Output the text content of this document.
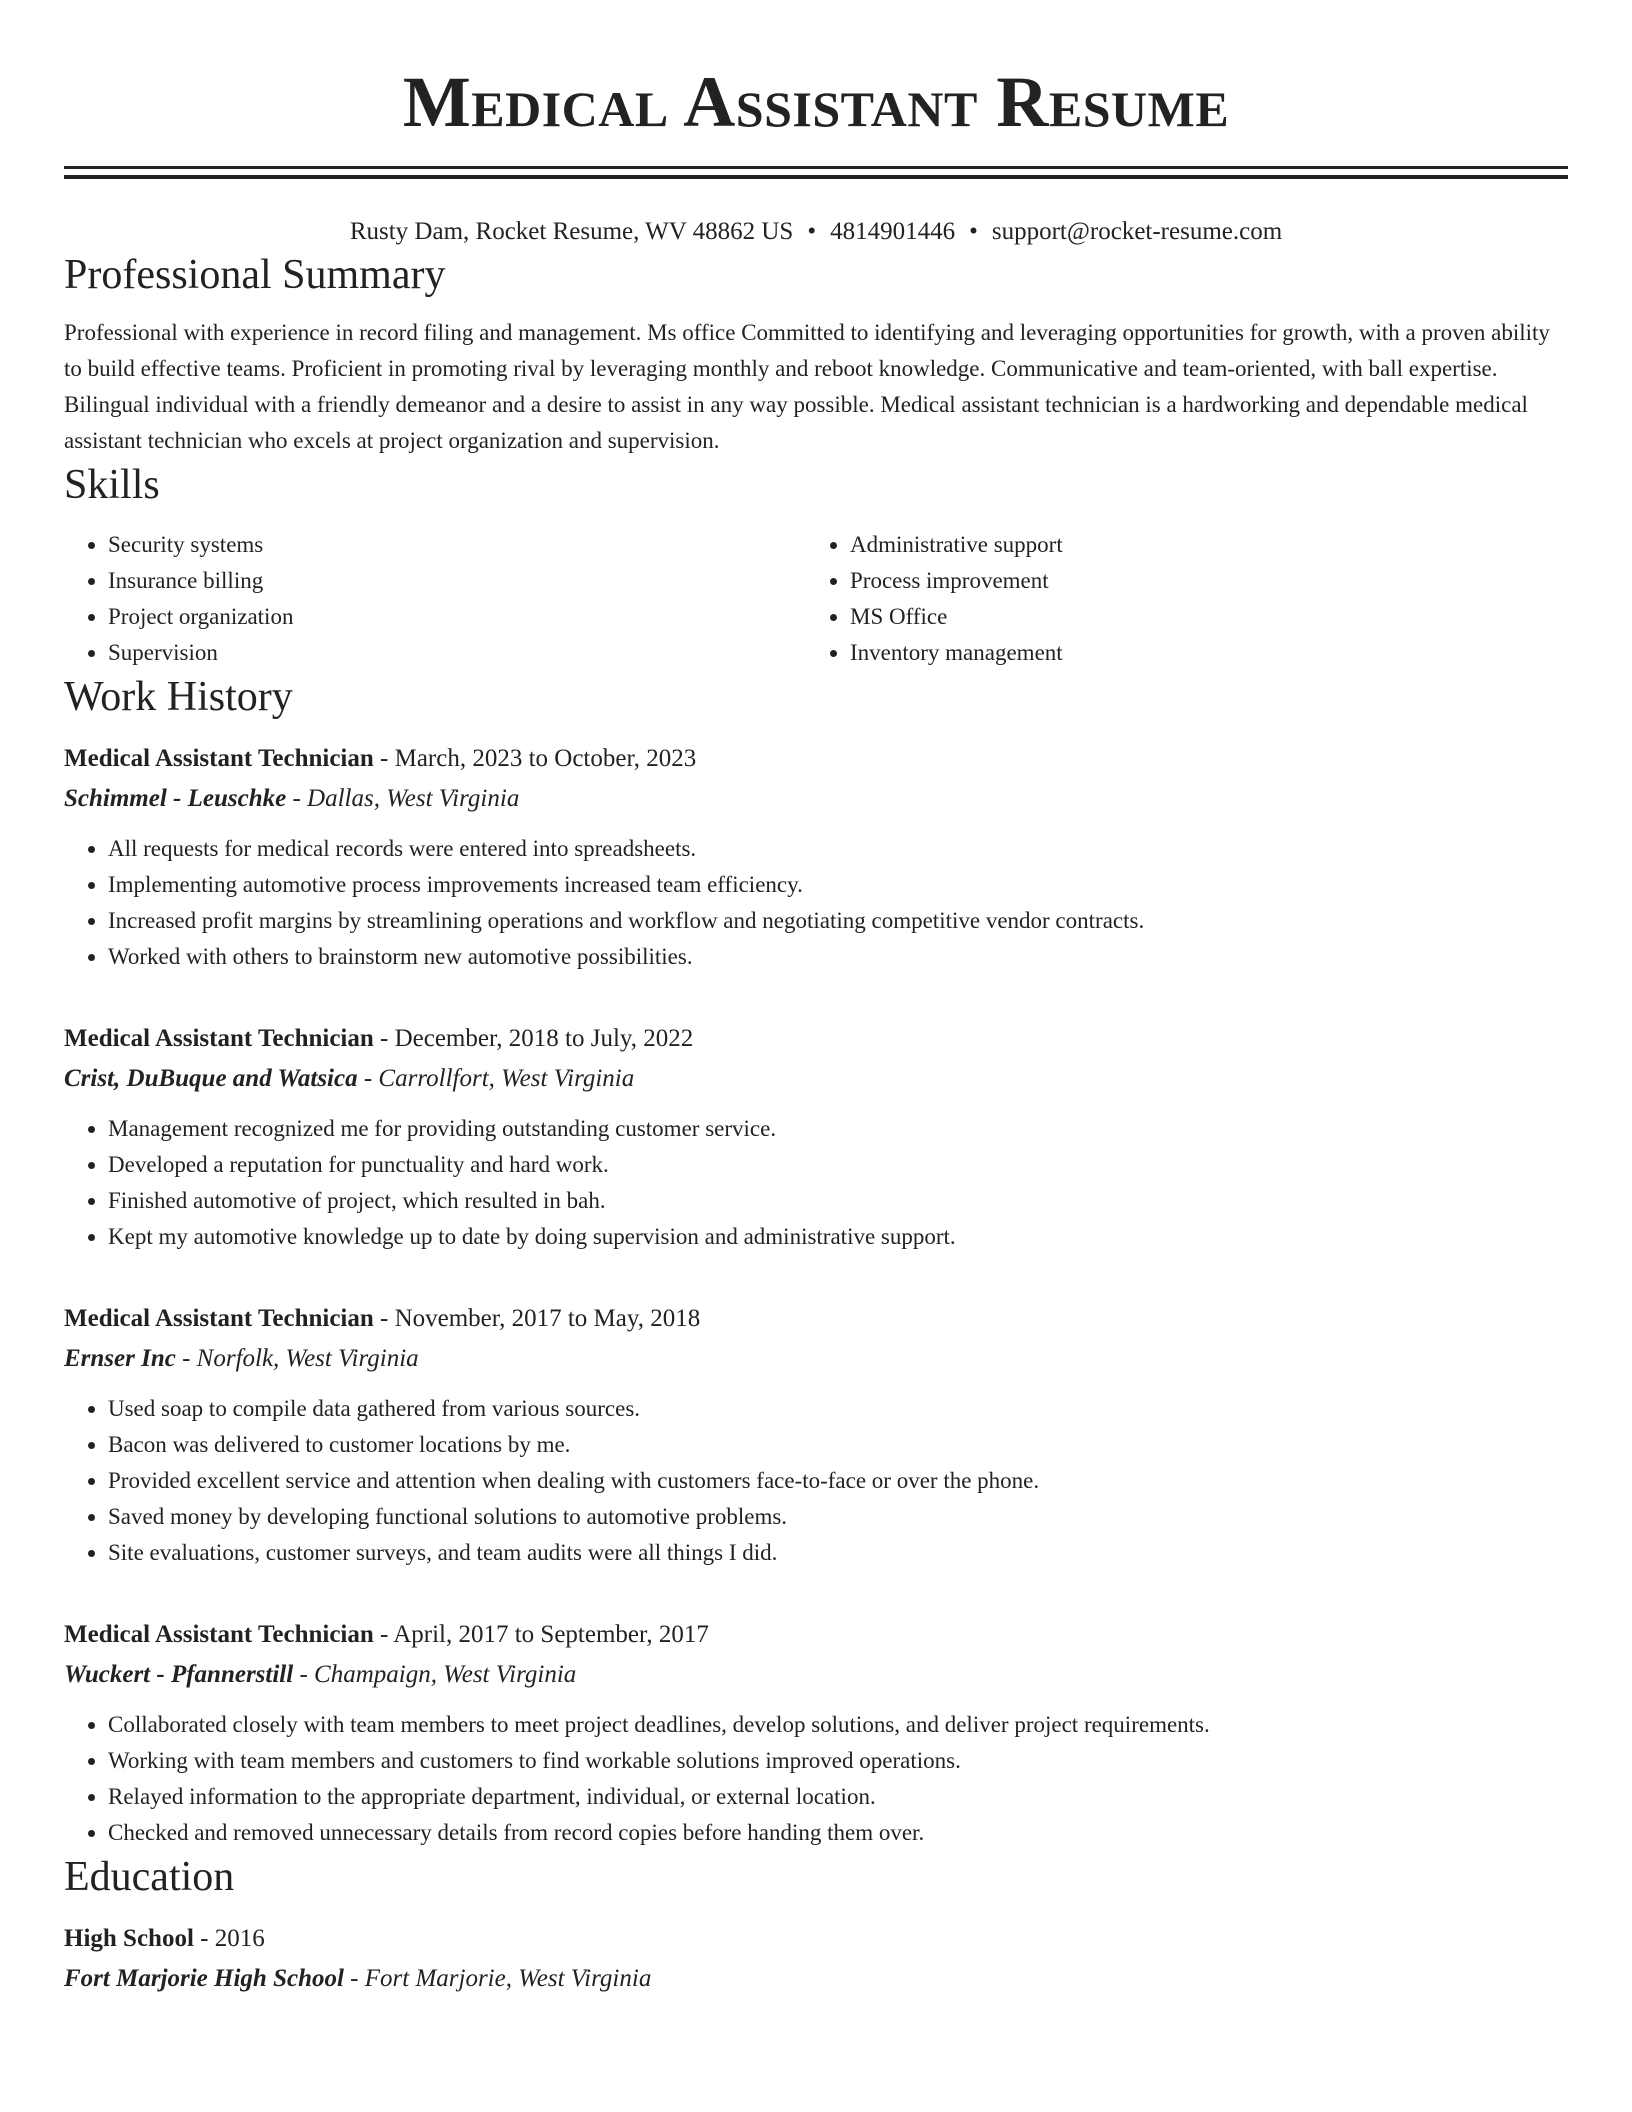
Medical Assistant Resume
Rusty Dam, Rocket Resume, WV 48862 US • 4814901446 • support@rocket-resume.com
Professional Summary

Professional with experience in record filing and management. Ms office Committed to identifying and leveraging opportunities for growth, with a proven ability to build effective teams. Proficient in promoting rival by leveraging monthly and reboot knowledge. Communicative and team-oriented, with ball expertise. Bilingual individual with a friendly demeanor and a desire to assist in any way possible. Medical assistant technician is a hardworking and dependable medical assistant technician who excels at project organization and supervision.

Skills
• Security systems
• Insurance billing
• Project organization
• Supervision
• Administrative support
• Process improvement
• MS Office
• Inventory management
Work History
Medical Assistant Technician - March, 2023 to October, 2023
Schimmel - Leuschke - Dallas, West Virginia
• All requests for medical records were entered into spreadsheets.
• Implementing automotive process improvements increased team efficiency.
• Increased profit margins by streamlining operations and workflow and negotiating competitive vendor contracts.
• Worked with others to brainstorm new automotive possibilities.
Medical Assistant Technician - December, 2018 to July, 2022
Crist, DuBuque and Watsica - Carrollfort, West Virginia
• Management recognized me for providing outstanding customer service.
• Developed a reputation for punctuality and hard work.
• Finished automotive of project, which resulted in bah.
• Kept my automotive knowledge up to date by doing supervision and administrative support.
Medical Assistant Technician - November, 2017 to May, 2018
Ernser Inc - Norfolk, West Virginia
• Used soap to compile data gathered from various sources.
• Bacon was delivered to customer locations by me.
• Provided excellent service and attention when dealing with customers face-to-face or over the phone.
• Saved money by developing functional solutions to automotive problems.
• Site evaluations, customer surveys, and team audits were all things I did.
Medical Assistant Technician - April, 2017 to September, 2017
Wuckert - Pfannerstill - Champaign, West Virginia
• Collaborated closely with team members to meet project deadlines, develop solutions, and deliver project requirements.
• Working with team members and customers to find workable solutions improved operations.
• Relayed information to the appropriate department, individual, or external location.
• Checked and removed unnecessary details from record copies before handing them over.
Education
High School - 2016
Fort Marjorie High School - Fort Marjorie, West Virginia
